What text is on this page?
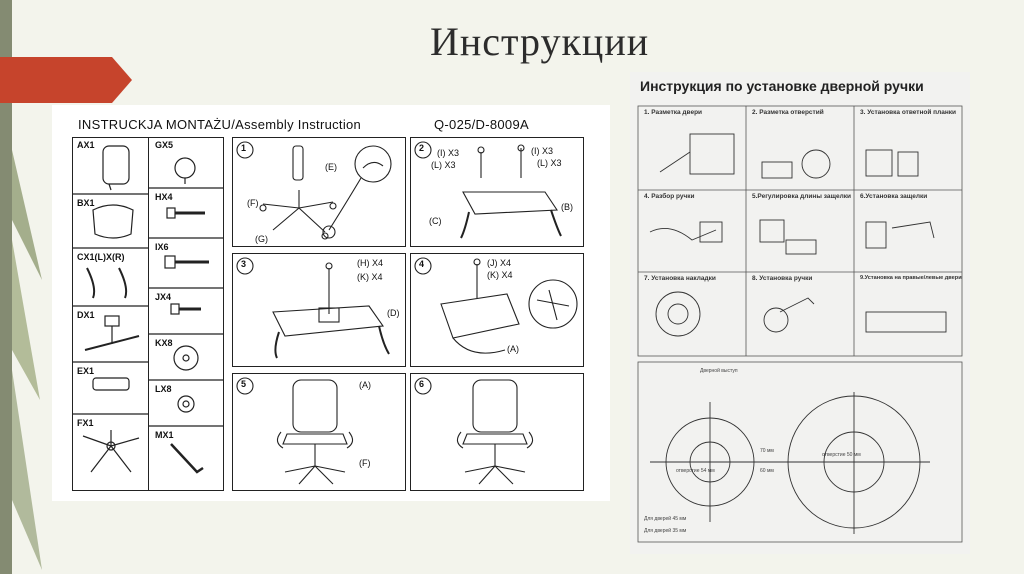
Инструкции
INSTRUCKJA MONTAŻU/Assembly Instruction	Q-025/D-8009A
AX1
BX1
CX1(L)X(R)
DX1
EX1
FX1
GX5
HX4
IX6
JX4
KX8
LX8
MX1
1
(E)
(F)
(G)
2 (I) X3
(L) X3
(I) X3
(L) X3
(C)
(B)
3	(H) X4
(K) X4
(D)
4	(J) X4
(K) X4
(A)
5	(A)
(F)
6
Инструкция по установке дверной ручки
1. Разметка двери	2. Разметка отверстий	3. Установка ответной планки
4. Разбор ручки	5.Регулировка длины защелки 6.Установка защелки
7. Установка накладки	8. Установка ручки	9.Установка на правые/левые двери
Дверной выступ
70 мм
60 мм
отверстие 54 мм
отверстие 50 мм
Для дверей 45 мм
Для дверей 35 мм
